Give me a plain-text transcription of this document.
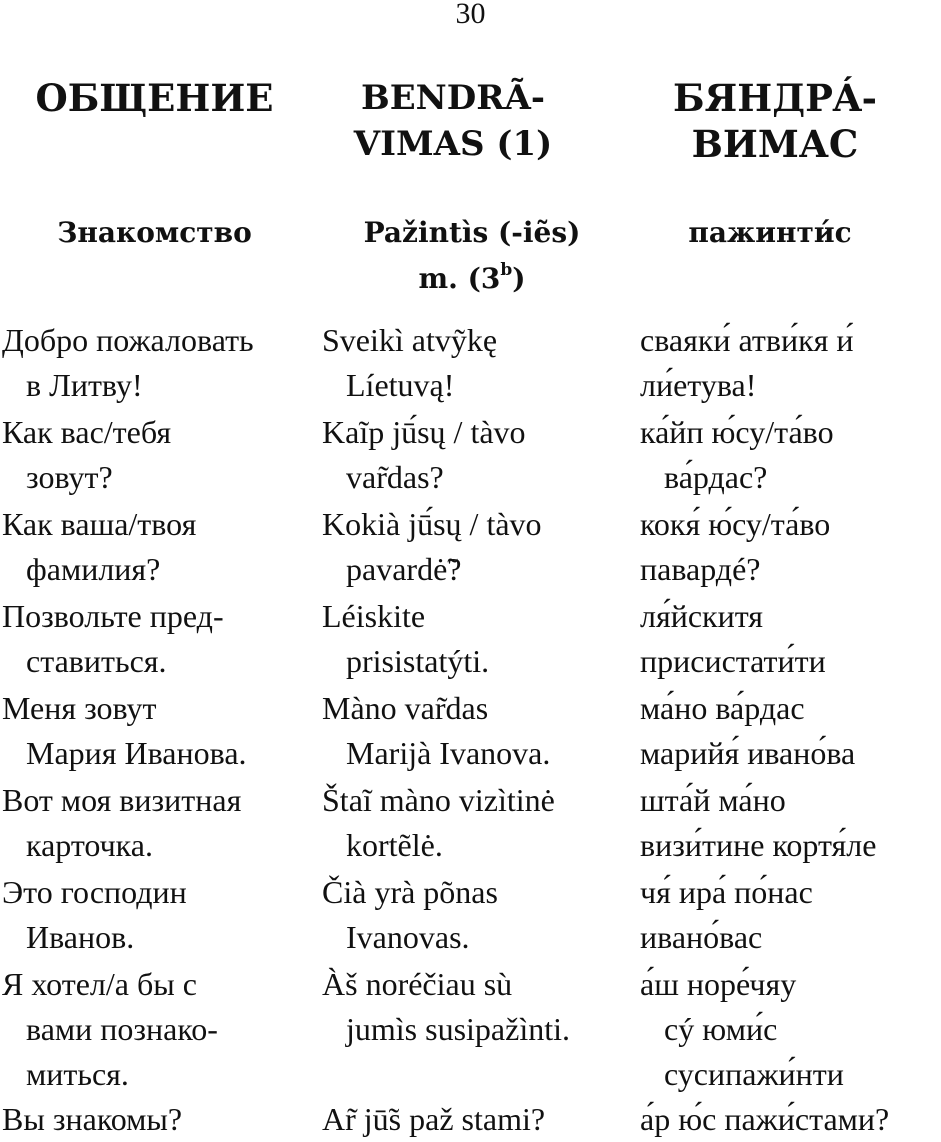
30
ОБЩЕНИЕ
Знакомство
Добро пожаловать
в Литву!
Как вас/тебя
зовут?
Как ваша/твоя
фамилия?
Позвольте пред-
ставиться.
Меня зовут
Мария Иванова.
Вот моя визитная
карточка.
Это господин
Иванов.
Я хотел/а бы с
вами познако-
миться.
Вы знакомы?
BENDRÃ-
VIMAS (1)
Pažintìs (-iẽs)
m. (3$^b$)
Sveikì atvỹkę
Líetuvą!
Kaĩp jū́sų / tàvo
var̃das?
Kokià jū́sų / tàvo
pavardė̃?
Léiskite
prisistatýti.
Màno var̃das
Marijà Ivanova.
Štaĩ màno vizìtinė
kortẽlė.
Čià yrà põnas
Ivanovas.
Àš noréčiau sù
jumìs susipažìnti.
Ar̃ jū̃s paž stami?
БЯНДРÁ-
ВИМАС
пажинти́с
сваяки́ атви́кя и́
ли́етува!
ка́йп ю́су/та́во
ва́рдас?
кокя́ ю́су/та́во
павардé?
ля́йскитя
присистати́ти
ма́но ва́рдас
марийя́ ивано́ва
шта́й ма́но
визи́тине кортя́ле
чя́ ира́ по́нас
ивано́вас
а́ш норе́чяу
сý юми́с
сусипажи́нти
а́р ю́с пажи́стами?
